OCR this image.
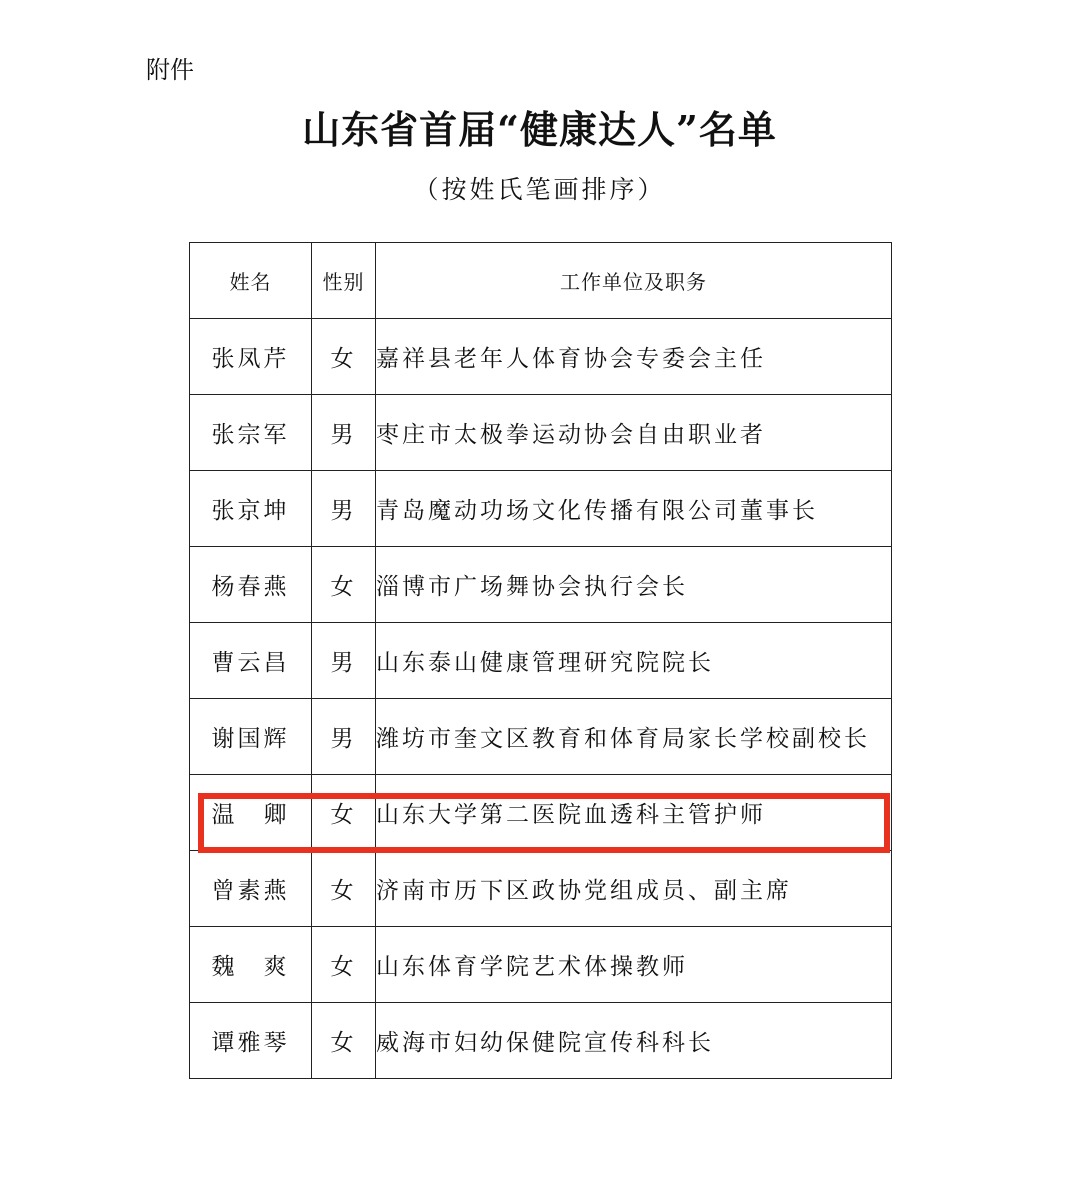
附件
山东省首届“健康达人”名单
（按姓氏笔画排序）
姓名	性别	工作单位及职务
张凤芹	女	嘉祥县老年人体育协会专委会主任
张宗军	男	枣庄市太极拳运动协会自由职业者
张京坤	男	青岛魔动功场文化传播有限公司董事长
杨春燕	女	淄博市广场舞协会执行会长
曹云昌	男	山东泰山健康管理研究院院长
谢国辉	男	潍坊市奎文区教育和体育局家长学校副校长
温　卿	女	山东大学第二医院血透科主管护师
曾素燕	女	济南市历下区政协党组成员、副主席
魏　爽	女	山东体育学院艺术体操教师
谭雅琴	女	威海市妇幼保健院宣传科科长
